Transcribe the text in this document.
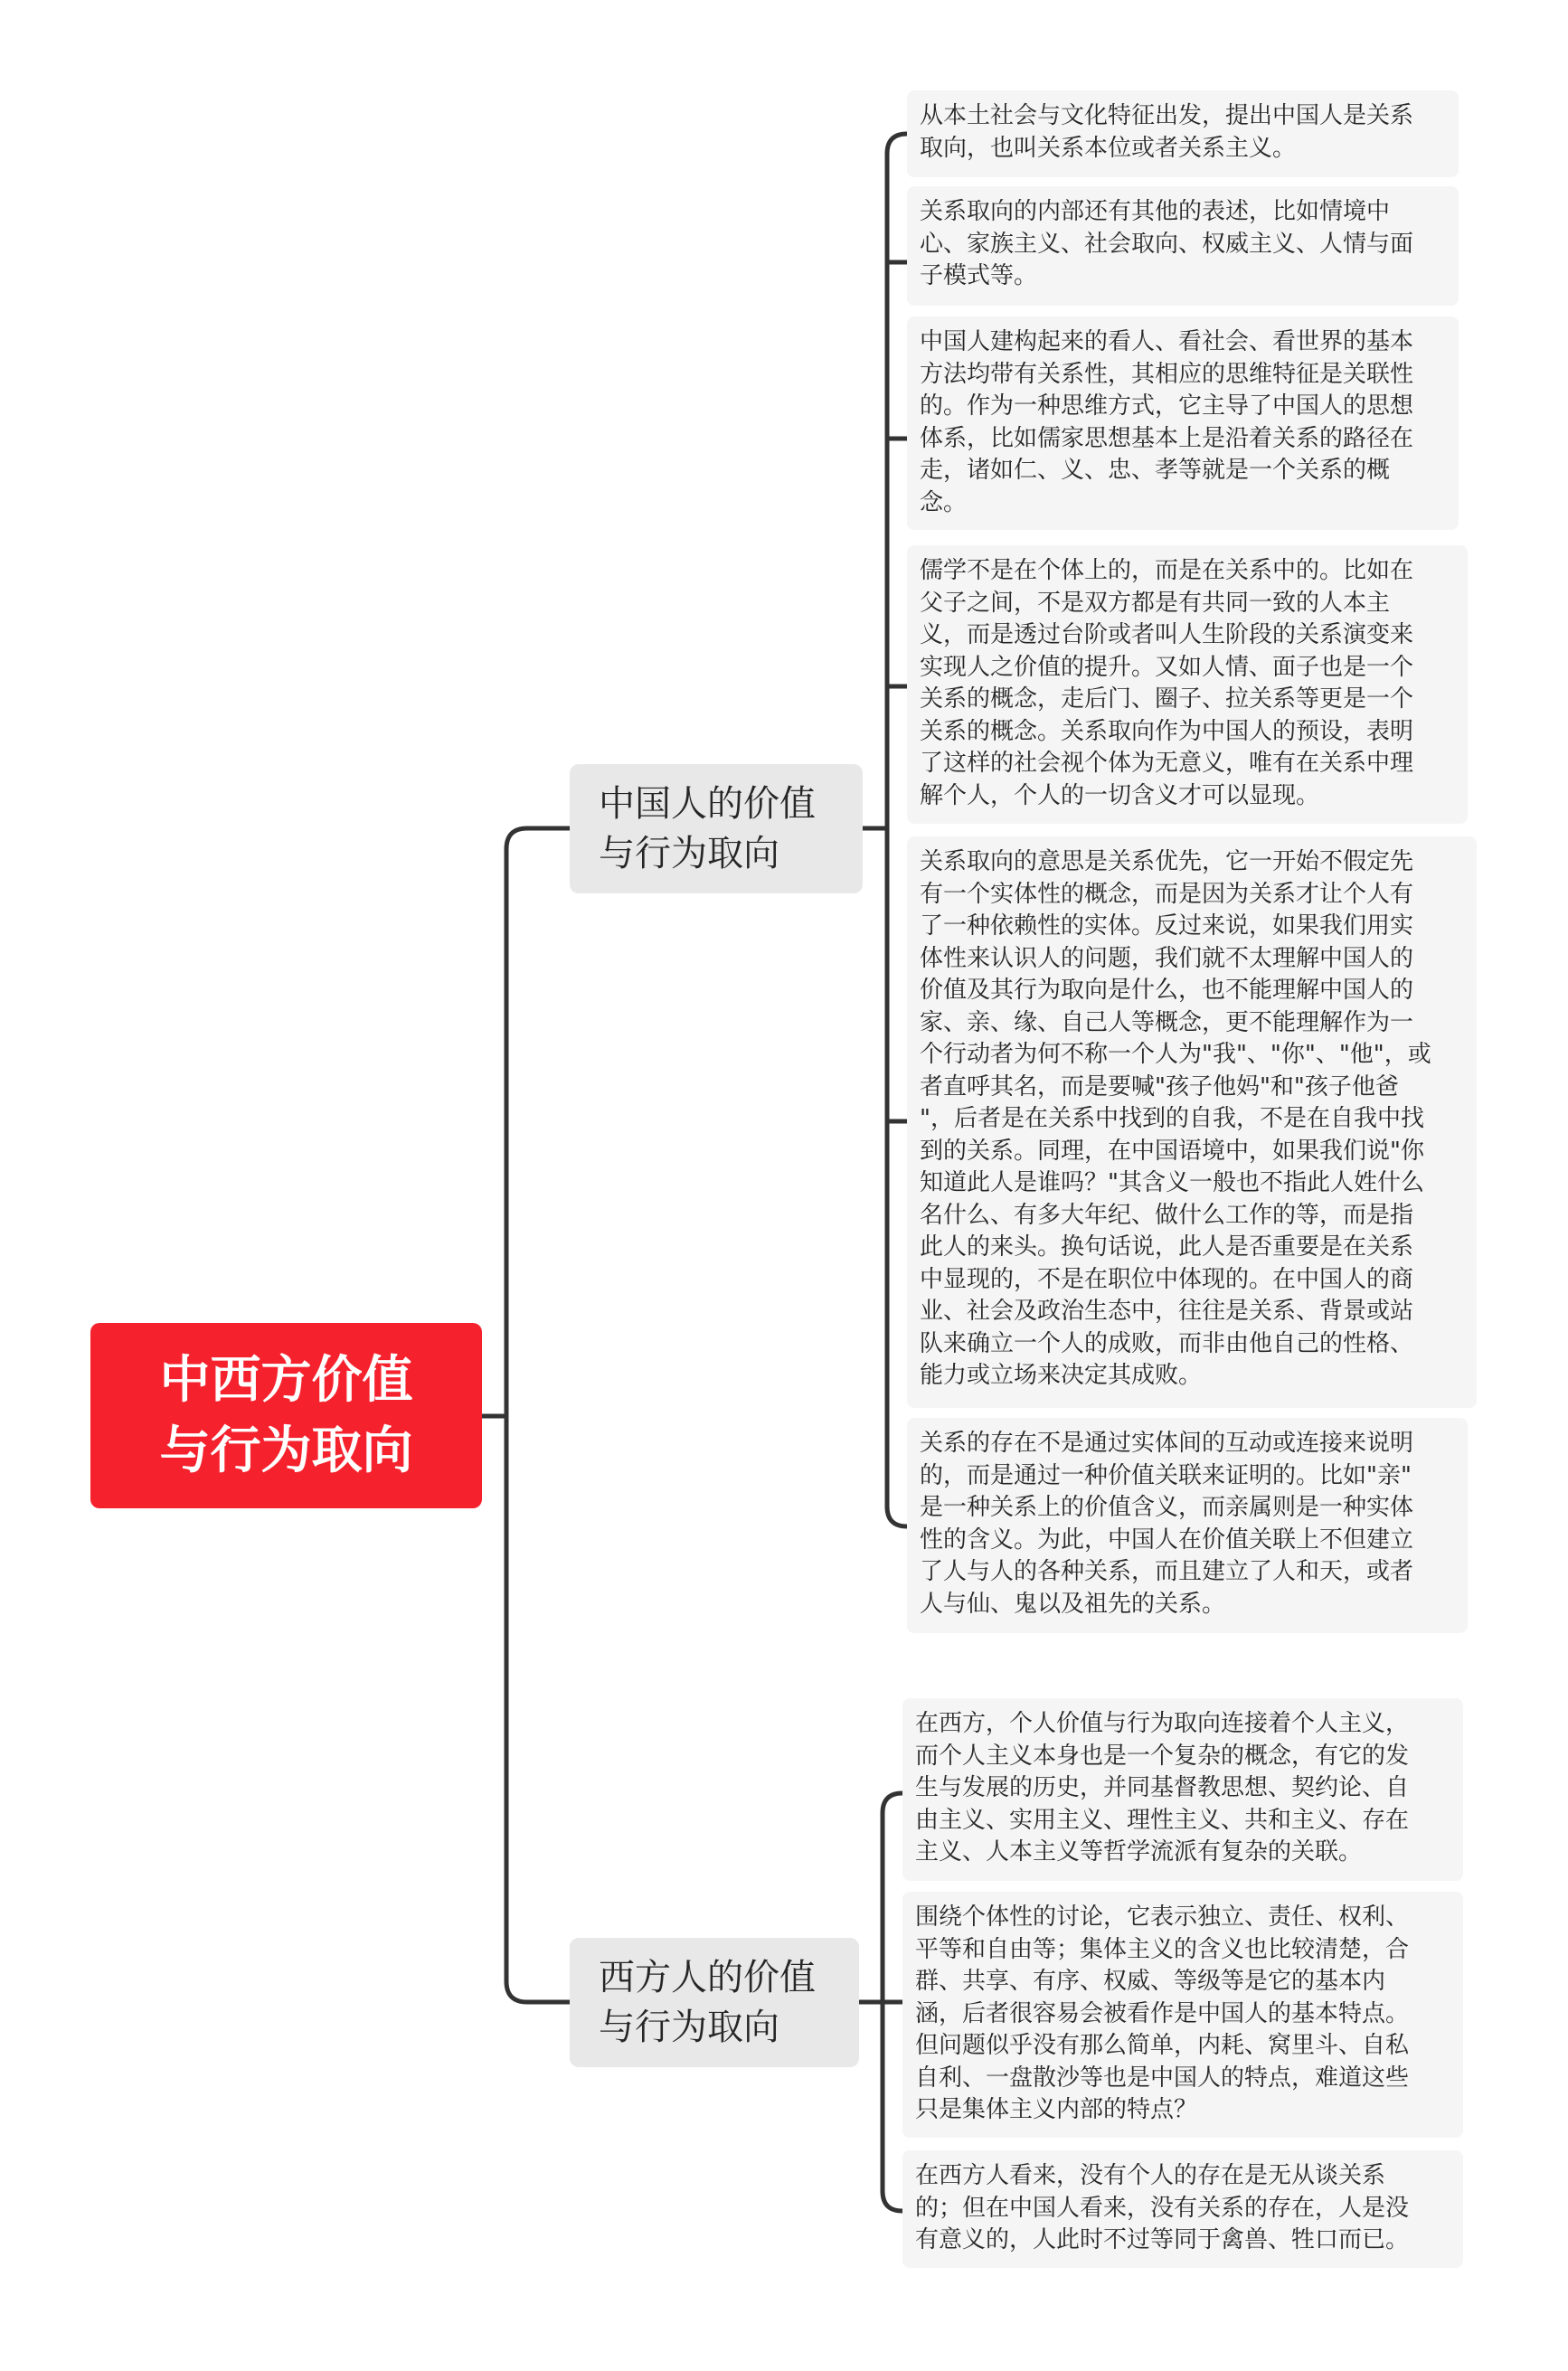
中西方价值
与行为取向
中国人的价值
与行为取向
从本土社会与文化特征出发，提出中国人是关系
取向，也叫关系本位或者关系主义。
关系取向的内部还有其他的表述，比如情境中
心、家族主义、社会取向、权威主义、人情与面
子模式等。
中国人建构起来的看人、看社会、看世界的基本
方法均带有关系性，其相应的思维特征是关联性
的。作为一种思维方式，它主导了中国人的思想
体系，比如儒家思想基本上是沿着关系的路径在
走，诸如仁、义、忠、孝等就是一个关系的概
念。
儒学不是在个体上的，而是在关系中的。比如在
父子之间，不是双方都是有共同一致的人本主
义，而是透过台阶或者叫人生阶段的关系演变来
实现人之价值的提升。又如人情、面子也是一个
关系的概念，走后门、圈子、拉关系等更是一个
关系的概念。关系取向作为中国人的预设，表明
了这样的社会视个体为无意义，唯有在关系中理
解个人，个人的一切含义才可以显现。
关系取向的意思是关系优先，它一开始不假定先
有一个实体性的概念，而是因为关系才让个人有
了一种依赖性的实体。反过来说，如果我们用实
体性来认识人的问题，我们就不太理解中国人的
价值及其行为取向是什么，也不能理解中国人的
家、亲、缘、自己人等概念，更不能理解作为一
个行动者为何不称一个人为"我"、"你"、"他"，或
者直呼其名，而是要喊"孩子他妈"和"孩子他爸
"，后者是在关系中找到的自我，不是在自我中找
到的关系。同理，在中国语境中，如果我们说"你
知道此人是谁吗？"其含义一般也不指此人姓什么
名什么、有多大年纪、做什么工作的等，而是指
此人的来头。换句话说，此人是否重要是在关系
中显现的，不是在职位中体现的。在中国人的商
业、社会及政治生态中，往往是关系、背景或站
队来确立一个人的成败，而非由他自己的性格、
能力或立场来决定其成败。
关系的存在不是通过实体间的互动或连接来说明
的，而是通过一种价值关联来证明的。比如"亲"
是一种关系上的价值含义，而亲属则是一种实体
性的含义。为此，中国人在价值关联上不但建立
了人与人的各种关系，而且建立了人和天，或者
人与仙、鬼以及祖先的关系。
西方人的价值
与行为取向
在西方，个人价值与行为取向连接着个人主义，
而个人主义本身也是一个复杂的概念，有它的发
生与发展的历史，并同基督教思想、契约论、自
由主义、实用主义、理性主义、共和主义、存在
主义、人本主义等哲学流派有复杂的关联。
围绕个体性的讨论，它表示独立、责任、权利、
平等和自由等；集体主义的含义也比较清楚，合
群、共享、有序、权威、等级等是它的基本内
涵，后者很容易会被看作是中国人的基本特点。
但问题似乎没有那么简单，内耗、窝里斗、自私
自利、一盘散沙等也是中国人的特点，难道这些
只是集体主义内部的特点？
在西方人看来，没有个人的存在是无从谈关系
的；但在中国人看来，没有关系的存在，人是没
有意义的，人此时不过等同于禽兽、牲口而已。
